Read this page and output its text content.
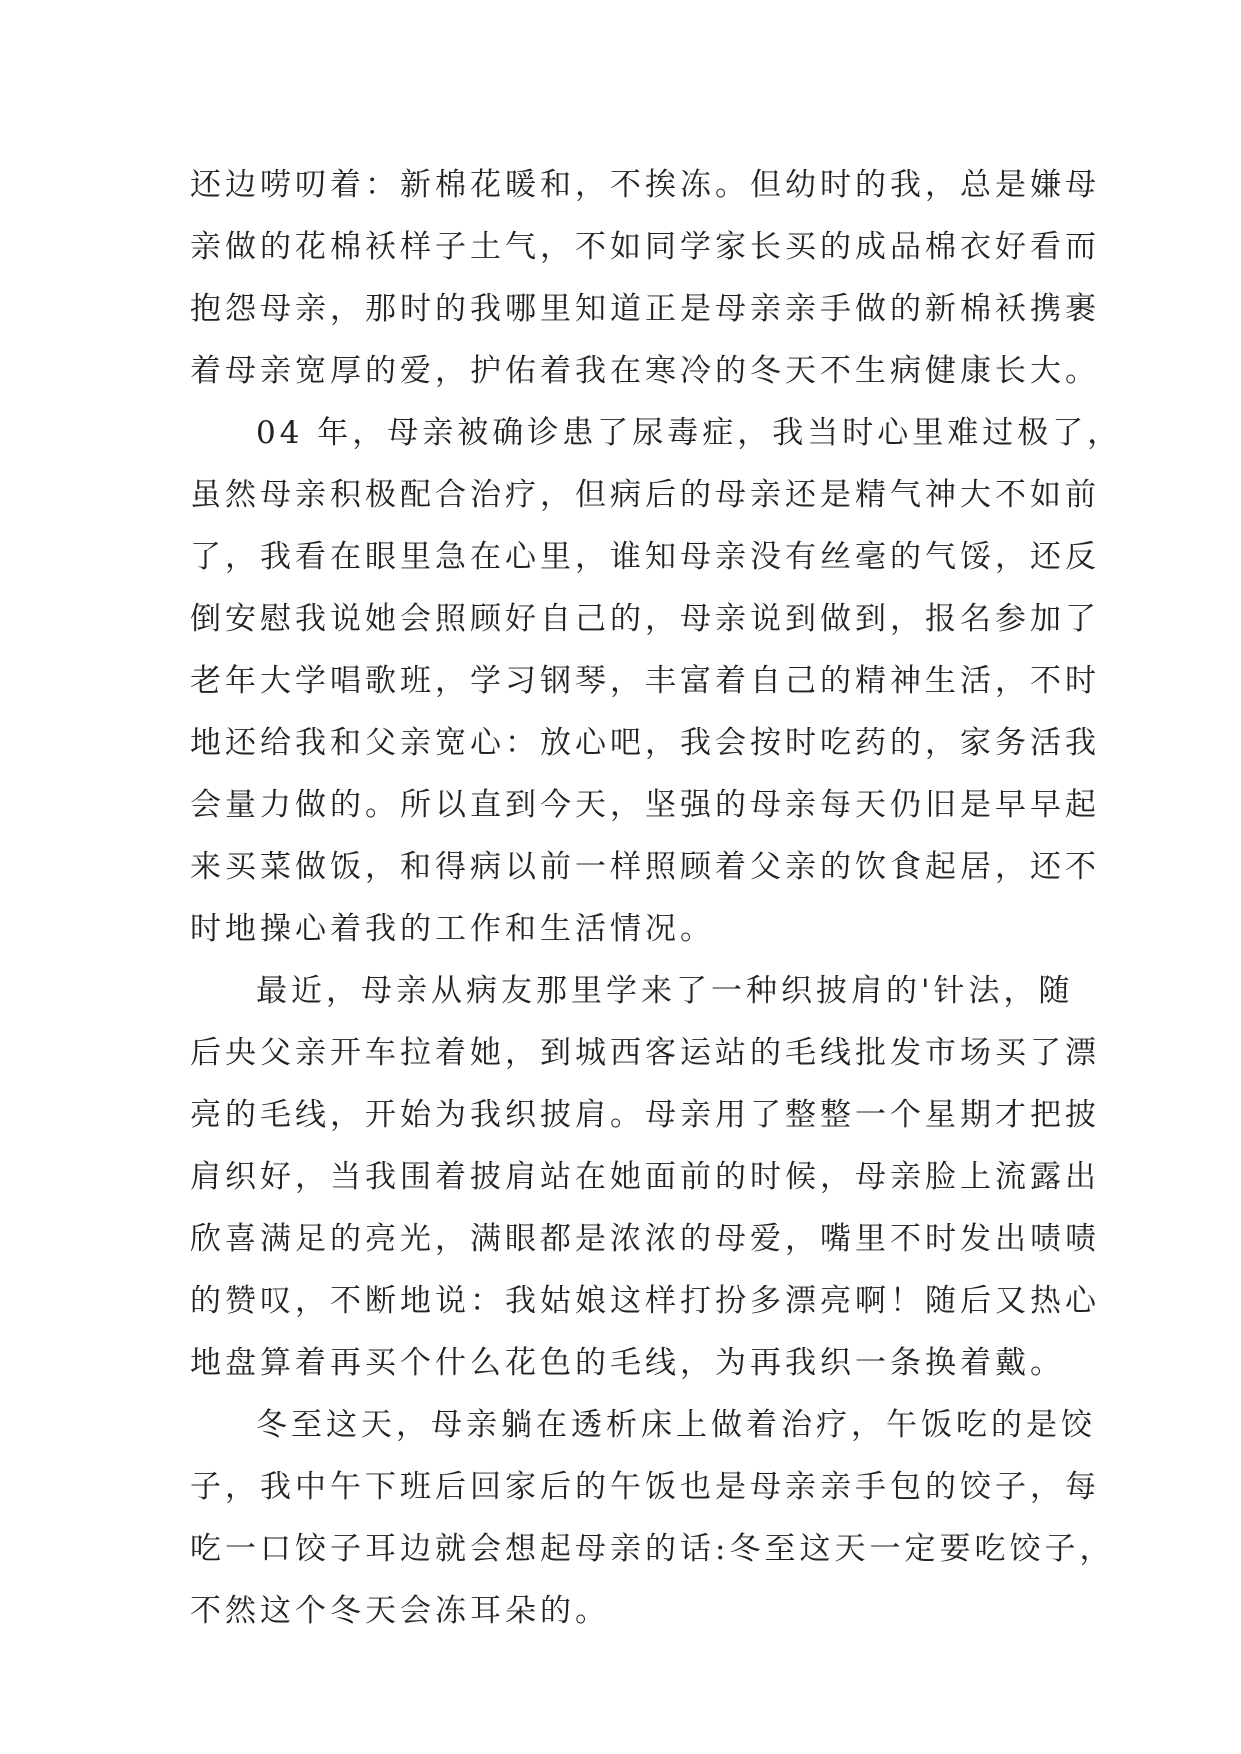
还边唠叨着：新棉花暖和，不挨冻。但幼时的我，总是嫌母
亲做的花棉袄样子土气，不如同学家长买的成品棉衣好看而
抱怨母亲，那时的我哪里知道正是母亲亲手做的新棉袄携裹
着母亲宽厚的爱，护佑着我在寒冷的冬天不生病健康长大。
04 年，母亲被确诊患了尿毒症，我当时心里难过极了，
虽然母亲积极配合治疗，但病后的母亲还是精气神大不如前
了，我看在眼里急在心里，谁知母亲没有丝毫的气馁，还反
倒安慰我说她会照顾好自己的，母亲说到做到，报名参加了
老年大学唱歌班，学习钢琴，丰富着自己的精神生活，不时
地还给我和父亲宽心：放心吧，我会按时吃药的，家务活我
会量力做的。所以直到今天，坚强的母亲每天仍旧是早早起
来买菜做饭，和得病以前一样照顾着父亲的饮食起居，还不
时地操心着我的工作和生活情况。
最近，母亲从病友那里学来了一种织披肩的'针法，随
后央父亲开车拉着她，到城西客运站的毛线批发市场买了漂
亮的毛线，开始为我织披肩。母亲用了整整一个星期才把披
肩织好，当我围着披肩站在她面前的时候，母亲脸上流露出
欣喜满足的亮光，满眼都是浓浓的母爱，嘴里不时发出啧啧
的赞叹，不断地说：我姑娘这样打扮多漂亮啊！随后又热心
地盘算着再买个什么花色的毛线，为再我织一条换着戴。
冬至这天，母亲躺在透析床上做着治疗，午饭吃的是饺
子，我中午下班后回家后的午饭也是母亲亲手包的饺子，每
吃一口饺子耳边就会想起母亲的话:冬至这天一定要吃饺子，
不然这个冬天会冻耳朵的。
